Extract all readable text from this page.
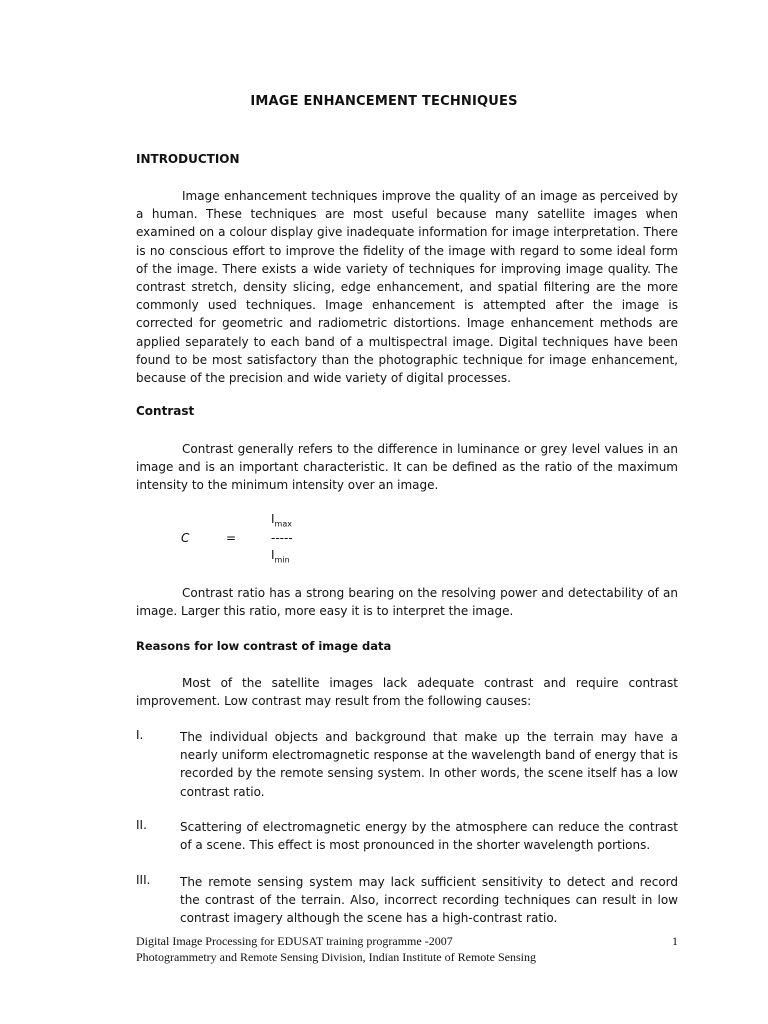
IMAGE ENHANCEMENT TECHNIQUES
INTRODUCTION

Image enhancement techniques improve the quality of an image as perceived by a human. These techniques are most useful because many satellite images when examined on a colour display give inadequate information for image interpretation. There is no conscious effort to improve the fidelity of the image with regard to some ideal form of the image. There exists a wide variety of techniques for improving image quality. The contrast stretch, density slicing, edge enhancement, and spatial filtering are the more commonly used techniques. Image enhancement is attempted after the image is corrected for geometric and radiometric distortions. Image enhancement methods are applied separately to each band of a multispectral image. Digital techniques have been found to be most satisfactory than the photographic technique for image enhancement, because of the precision and wide variety of digital processes.

Contrast

Contrast generally refers to the difference in luminance or grey level values in an image and is an important characteristic. It can be defined as the ratio of the maximum intensity to the minimum intensity over an image.

C	=
$I_{max}$
-----
$I_{min}$

Contrast ratio has a strong bearing on the resolving power and detectability of an image. Larger this ratio, more easy it is to interpret the image.

Reasons for low contrast of image data

Most of the satellite images lack adequate contrast and require contrast improvement. Low contrast may result from the following causes:

I.	The individual objects and background that make up the terrain may have a nearly uniform electromagnetic response at the wavelength band of energy that is recorded by the remote sensing system. In other words, the scene itself has a low contrast ratio.

II.	Scattering of electromagnetic energy by the atmosphere can reduce the contrast of a scene. This effect is most pronounced in the shorter wavelength portions.

III. The remote sensing system may lack sufficient sensitivity to detect and record the contrast of the terrain. Also, incorrect recording techniques can result in low contrast imagery although the scene has a high-contrast ratio.

Digital Image Processing for EDUSAT training programme -2007
Photogrammetry and Remote Sensing Division, Indian Institute of Remote Sensing
1
